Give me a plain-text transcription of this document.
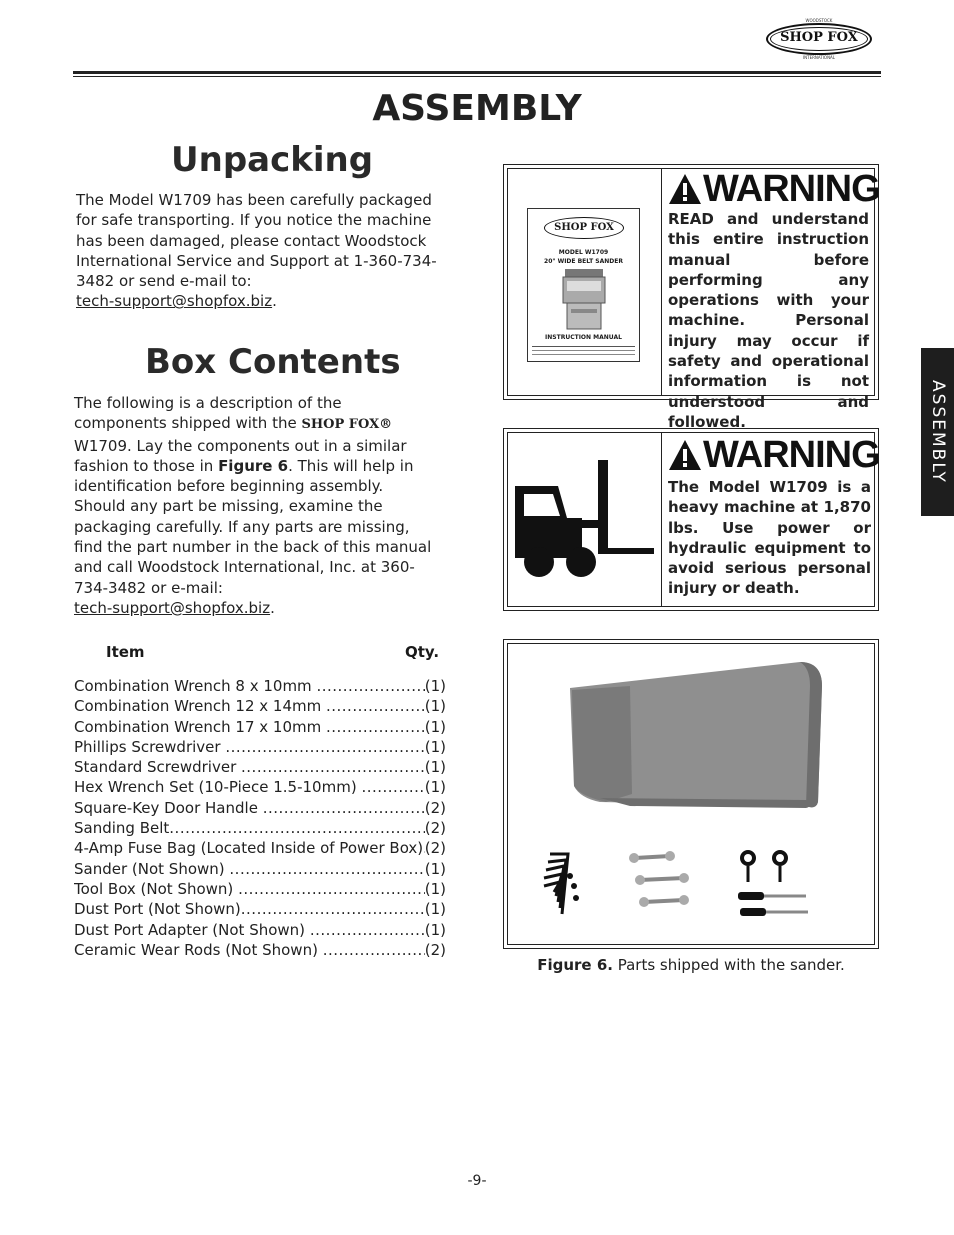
WOODSTOCK
SHOP FOX
INTERNATIONAL
ASSEMBLY
Unpacking
The Model W1709 has been carefully packaged
for safe transporting. If you notice the machine
has been damaged, please contact Woodstock
International Service and Support at 1-360-734-
3482 or send e-mail to:
tech-support@shopfox.biz.
Box Contents
The following is a description of the
components shipped with the SHOP FOX®
W1709. Lay the components out in a similar
fashion to those in Figure 6. This will help in
identification before beginning assembly.
Should any part be missing, examine the
packaging carefully. If any parts are missing,
find the part number in the back of this manual
and call Woodstock International, Inc. at 360-
734-3482 or e-mail:
tech-support@shopfox.biz.
Item	Qty.
Combination Wrench 8 x 10mm .....	(1)
Combination Wrench 12 x 14mm .....	(1)
Combination Wrench 17 x 10mm .....	(1)
Phillips Screwdriver .....	(1)
Standard Screwdriver .....	(1)
Hex Wrench Set (10-Piece 1.5-10mm) .....	(1)
Square-Key Door Handle .....	(2)
Sanding Belt .....	(2)
4-Amp Fuse Bag (Located Inside of Power Box) ..... (2)
Sander (Not Shown) .....	(1)
Tool Box (Not Shown) .....	(1)
Dust Port (Not Shown) .....	(1)
Dust Port Adapter (Not Shown) .....	(1)
Ceramic Wear Rods (Not Shown) .....	(2)
ASSEMBLY
SHOP FOX
MODEL W1709
20" WIDE BELT SANDER
INSTRUCTION MANUAL
WARNING
READ and understand this entire instruction manual before performing any operations with your machine. Personal injury may occur if safety and operational information is not understood and followed.
WARNING
The Model W1709 is a heavy machine at 1,870 lbs. Use power or hydraulic equipment to avoid serious personal injury or death.
Figure 6. Parts shipped with the sander.
-9-
